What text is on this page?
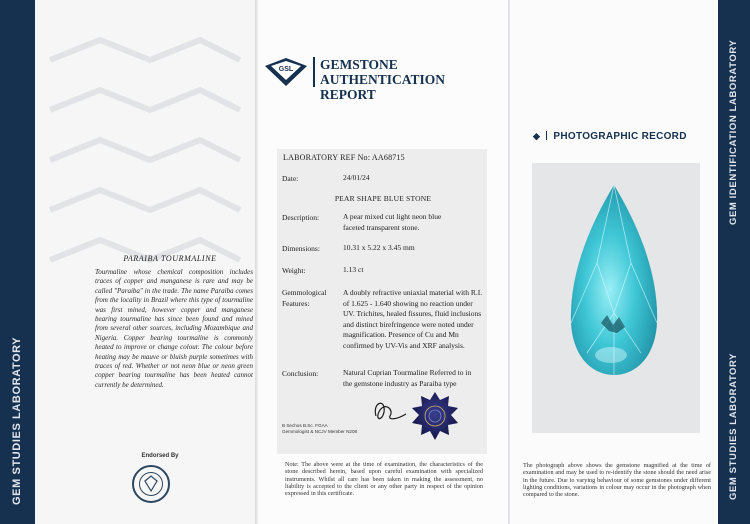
GEM STUDIES LABORATORY
PARAIBA TOURMALINE
Tourmaline whose chemical composition includes traces of copper and manganese is rare and may be called "Paraiba" in the trade. The name Paraiba comes from the locality in Brazil where this type of tourmaline was first mined, however copper and manganese bearing tourmaline has since been found and mined from several other sources, including Mozambique and Nigeria. Copper bearing tourmaline is commonly heated to improve or change colour. The colour before heating may be mauve or bluish purple sometimes with traces of red. Whether or not neon blue or neon green copper bearing tourmaline has been heated cannot currently be determined.
Endorsed By
GSL GEMSTONE AUTHENTICATION
REPORT
LABORATORY REF No: AA68715
Date:	24/01/24
PEAR SHAPE BLUE STONE
Description:	A pear mixed cut light neon blue faceted transparent stone.
Dimensions:	10.31 x 5.22 x 3.45 mm
Weight:	1.13 ct
Gemmological
Features:
A doubly refractive uniaxial material with R.I. of 1.625 - 1.640 showing no reaction under UV. Trichites, healed fissures, fluid inclusions and distinct birefringence were noted under magnification. Presence of Cu and Mn confirmed by UV-Vis and XRF analysis.
Conclusion:	Natural Cuprian Tourmaline Referred to in the gemstone industry as Paraiba type
B Sechos B.Sc. FGAA
Gemmologist & NCJV Member N208
Note: The above were at the time of examination, the characteristics of the stone described herein, based upon careful examination with specialized instruments. Whilst all care has been taken in making the assessment, no liability is accepted to the client or any other party in respect of the opinion expressed in this certificate.
◆ PHOTOGRAPHIC RECORD
The photograph above shows the gemstone magnified at the time of examination and may be used to re-identify the stone should the need arise in the future. Due to varying behaviour of some gemstones under different lighting conditions, variations in colour may occur in the photograph when compared to the stone.
GEM IDENTIFICATION LABORATORY
GEM STUDIES LABORATORY
